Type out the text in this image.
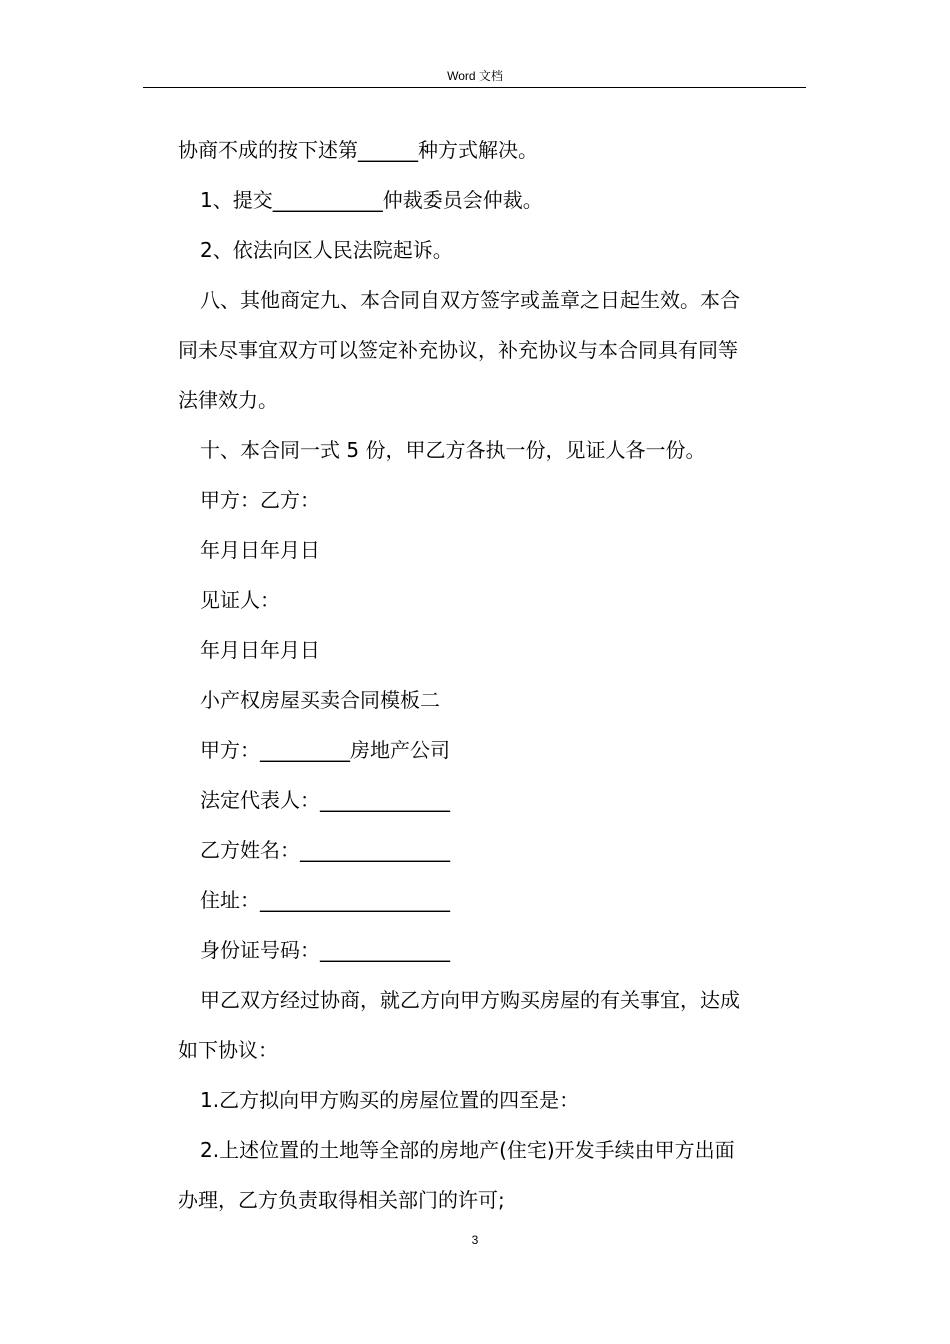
Word 文档

协商不成的按下述第______种方式解决。

1、提交___________仲裁委员会仲裁。

2、依法向区人民法院起诉。

八、其他商定九、本合同自双方签字或盖章之日起生效。本合

同未尽事宜双方可以签定补充协议，补充协议与本合同具有同等

法律效力。

十、本合同一式 5 份，甲乙方各执一份，见证人各一份。

甲方：乙方：

年月日年月日

见证人：

年月日年月日

小产权房屋买卖合同模板二

甲方：_________房地产公司

法定代表人：_____________

乙方姓名：_______________

住址：___________________

身份证号码：_____________

甲乙双方经过协商，就乙方向甲方购买房屋的有关事宜，达成

如下协议：

1.乙方拟向甲方购买的房屋位置的四至是：

2.上述位置的土地等全部的房地产(住宅)开发手续由甲方出面

办理，乙方负责取得相关部门的许可;

3
